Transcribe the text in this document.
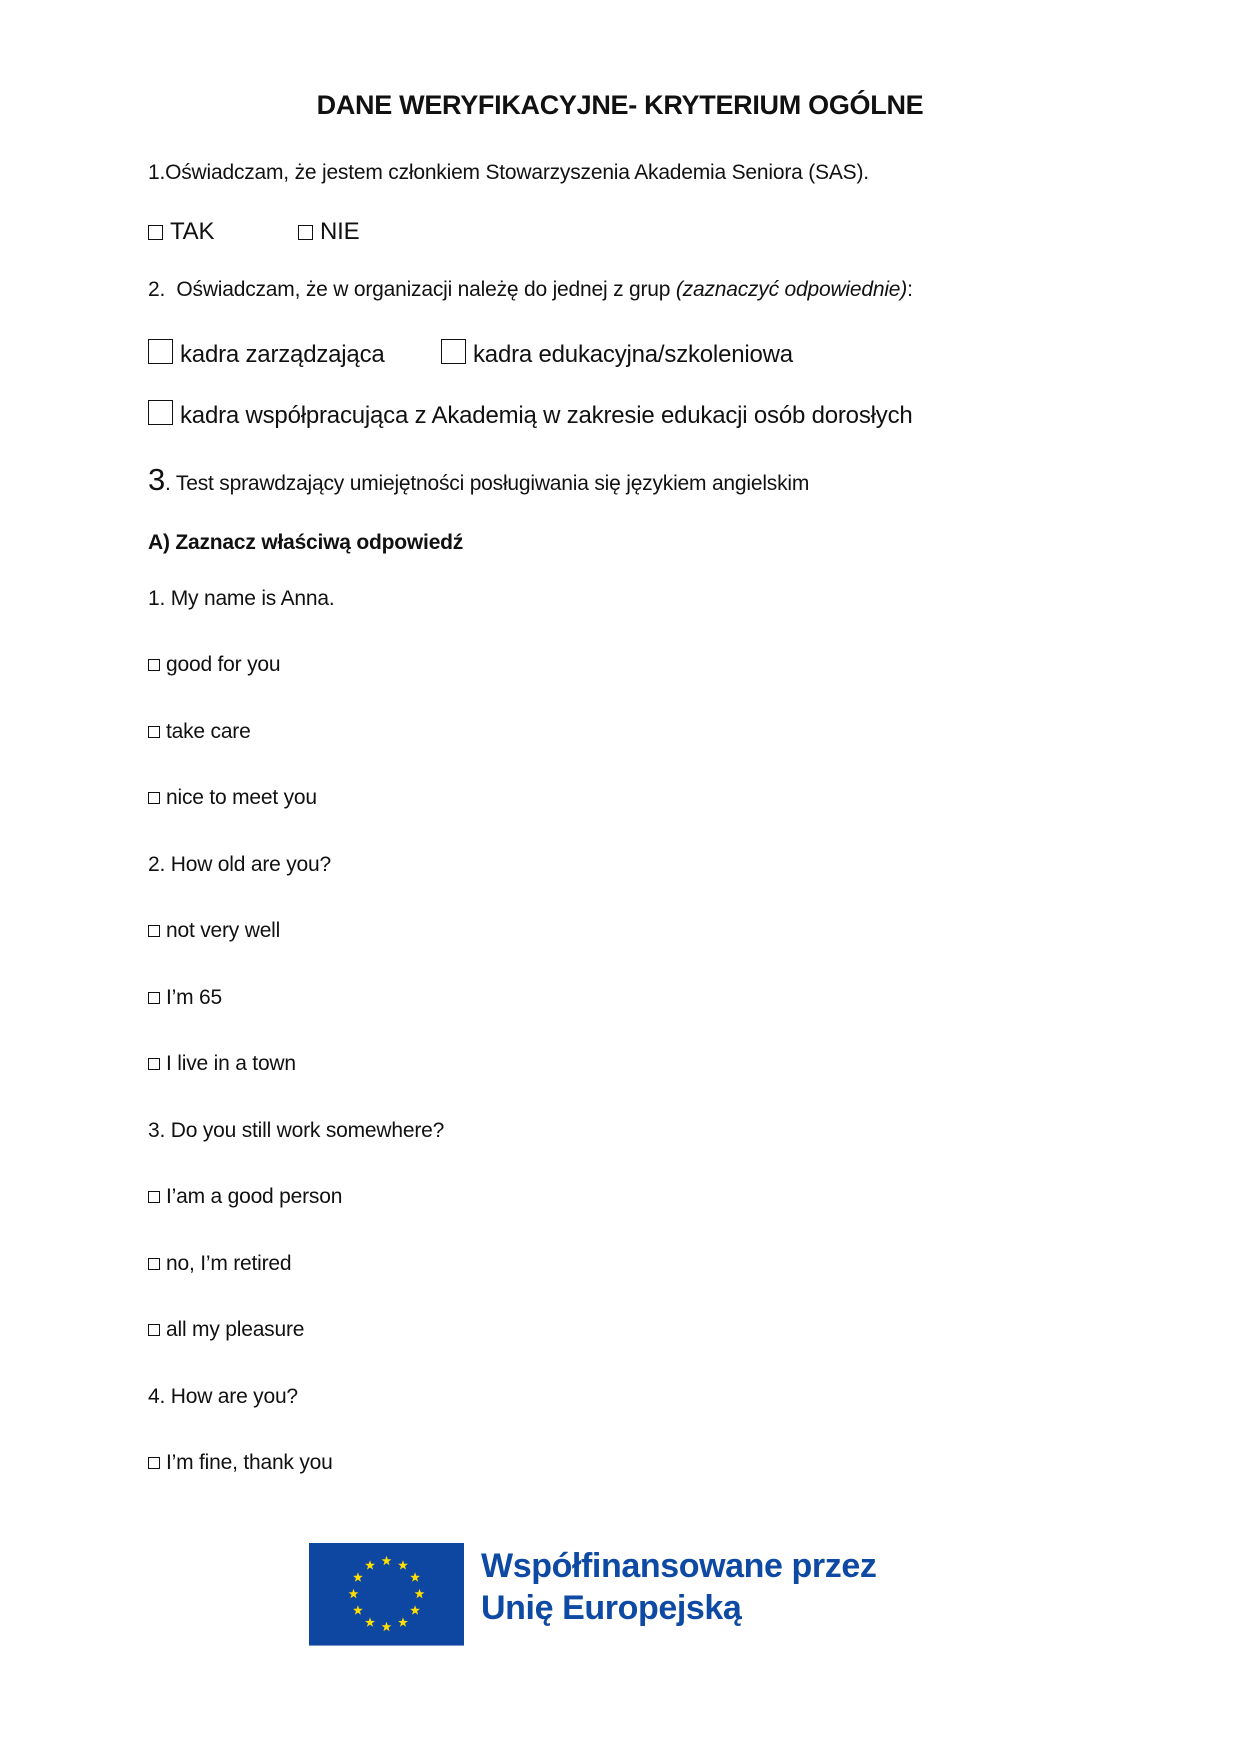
DANE WERYFIKACYJNE- KRYTERIUM OGÓLNE
1.Oświadczam, że jestem członkiem Stowarzyszenia Akademia Seniora (SAS).
TAK	NIE
2.  Oświadczam, że w organizacji należę do jednej z grup (zaznaczyć odpowiednie):
kadra zarządzająca	kadra edukacyjna/szkoleniowa
kadra współpracująca z Akademią w zakresie edukacji osób dorosłych
3. Test sprawdzający umiejętności posługiwania się językiem angielskim
A) Zaznacz właściwą odpowiedź
1. My name is Anna.
good for you
take care
nice to meet you
2. How old are you?
not very well
I’m 65
I live in a town
3. Do you still work somewhere?
I’am a good person
no, I’m retired
all my pleasure
4. How are you?
I’m fine, thank you
Współfinansowane przez
Unię Europejską
